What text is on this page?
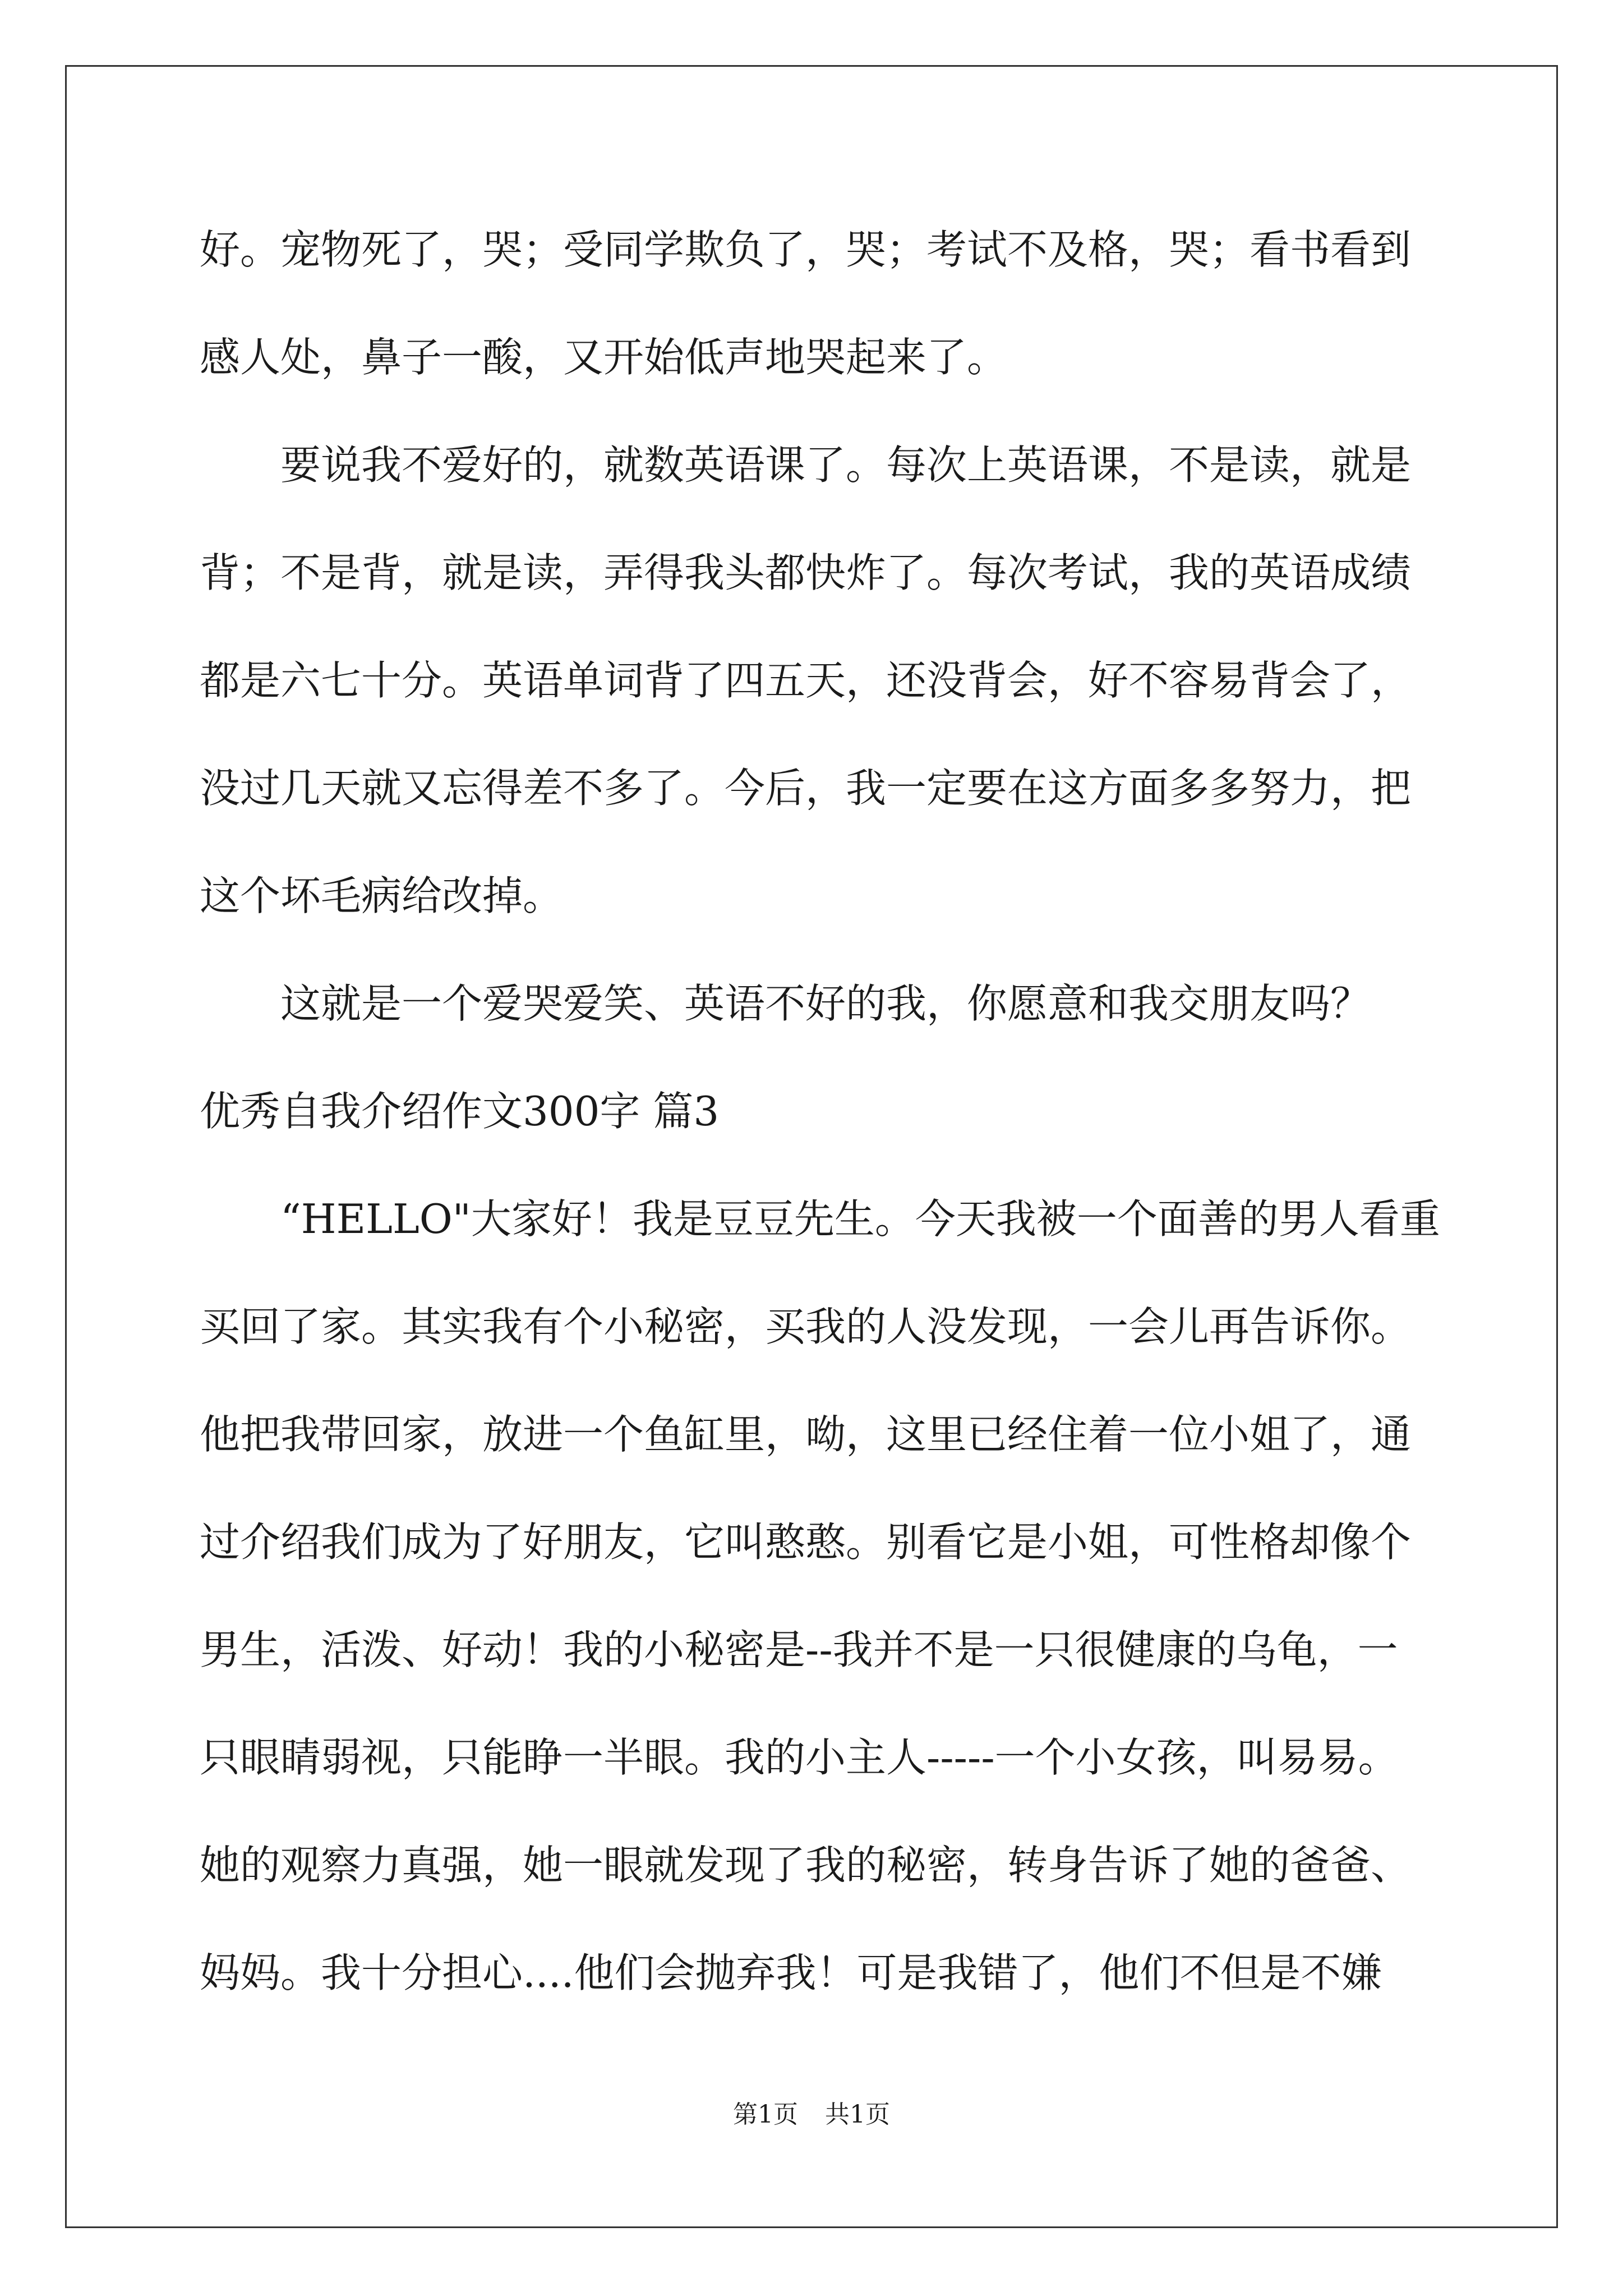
好。宠物死了，哭；受同学欺负了，哭；考试不及格，哭；看书看到
感人处，鼻子一酸，又开始低声地哭起来了。
要说我不爱好的，就数英语课了。每次上英语课，不是读，就是
背；不是背，就是读，弄得我头都快炸了。每次考试，我的英语成绩
都是六七十分。英语单词背了四五天，还没背会，好不容易背会了，
没过几天就又忘得差不多了。今后，我一定要在这方面多多努力，把
这个坏毛病给改掉。
这就是一个爱哭爱笑、英语不好的我，你愿意和我交朋友吗？
优秀自我介绍作文300字 篇3
“HELLO"大家好！我是豆豆先生。今天我被一个面善的男人看重
买回了家。其实我有个小秘密，买我的人没发现，一会儿再告诉你。
他把我带回家，放进一个鱼缸里，呦，这里已经住着一位小姐了，通
过介绍我们成为了好朋友，它叫憨憨。别看它是小姐，可性格却像个
男生，活泼、好动！我的小秘密是--我并不是一只很健康的乌龟，一
只眼睛弱视，只能睁一半眼。我的小主人-----一个小女孩，叫易易。
她的观察力真强，她一眼就发现了我的秘密，转身告诉了她的爸爸、
妈妈。我十分担心....他们会抛弃我！可是我错了，他们不但是不嫌
第1页 共1页
